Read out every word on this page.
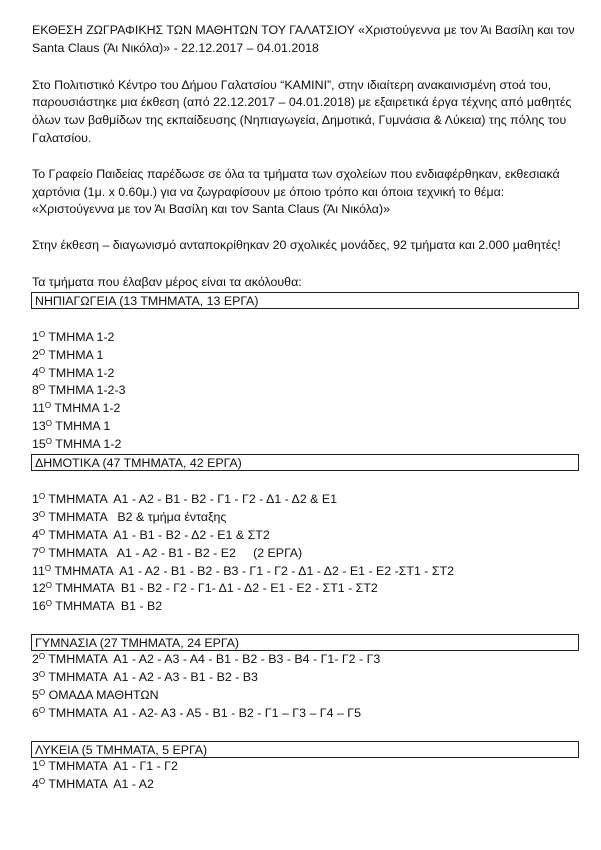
ΕΚΘΕΣΗ ΖΩΓΡΑΦΙΚΗΣ ΤΩΝ ΜΑΘΗΤΩΝ ΤΟΥ ΓΑΛΑΤΣΙΟΥ «Χριστούγεννα με τον Άι Βασίλη και τον Santa Claus (Άι Νικόλα)» - 22.12.2017 – 04.01.2018

Στο Πολιτιστικό Κέντρο του Δήμου Γαλατσίου “ΚΑΜΙΝΙ”, στην ιδιαίτερη ανακαινισμένη στοά του, παρουσιάστηκε μια έκθεση (από 22.12.2017 – 04.01.2018) με εξαιρετικά έργα τέχνης από μαθητές όλων των βαθμίδων της εκπαίδευσης (Νηπιαγωγεία, Δημοτικά, Γυμνάσια & Λύκεια) της πόλης του Γαλατσίου.

Το Γραφείο Παιδείας παρέδωσε σε όλα τα τμήματα των σχολείων που ενδιαφέρθηκαν, εκθεσιακά χαρτόνια (1μ. x 0.60μ.) για να ζωγραφίσουν με όποιο τρόπο και όποια τεχνική το θέμα: «Χριστούγεννα με τον Άι Βασίλη και τον Santa Claus (Άι Νικόλα)»

Στην έκθεση – διαγωνισμό ανταποκρίθηκαν 20 σχολικές μονάδες, 92 τμήματα και 2.000 μαθητές!

Τα τμήματα που έλαβαν μέρος είναι τα ακόλουθα:

ΝΗΠΙΑΓΩΓΕΙΑ (13 ΤΜΗΜΑΤΑ, 13 ΕΡΓΑ)
$1^O$ ΤΜΗΜΑ 1-2
$2^O$ ΤΜΗΜΑ 1
$4^O$ ΤΜΗΜΑ 1-2
$8^O$ ΤΜΗΜΑ 1-2-3
$11^O$ ΤΜΗΜΑ 1-2
$13^O$ ΤΜΗΜΑ 1
$15^O$ ΤΜΗΜΑ 1-2
ΔΗΜΟΤΙΚΑ (47 ΤΜΗΜΑΤΑ, 42 ΕΡΓΑ)
$1^O$ ΤΜΗΜΑΤΑ  Α1 - Α2 - Β1 - Β2 - Γ1 - Γ2 - Δ1 - Δ2 & Ε1
$3^O$ ΤΜΗΜΑΤΑ   Β2 & τμήμα ένταξης
$4^O$ ΤΜΗΜΑΤΑ  Α1 - Β1 - Β2 - Δ2 - Ε1 & ΣΤ2
$7^O$ ΤΜΗΜΑΤΑ   Α1 - Α2 - Β1 - Β2 - Ε2     (2 ΕΡΓΑ)
$11^O$ ΤΜΗΜΑΤΑ  Α1 - Α2 - Β1 - Β2 - Β3 - Γ1 - Γ2 - Δ1 - Δ2 - Ε1 - Ε2 -ΣΤ1 - ΣΤ2
$12^O$ ΤΜΗΜΑΤΑ  Β1 - Β2 - Γ2 - Γ1- Δ1 - Δ2 - Ε1 - Ε2 - ΣΤ1 - ΣΤ2
$16^O$ ΤΜΗΜΑΤΑ  Β1 - Β2
ΓΥΜΝΑΣΙΑ (27 ΤΜΗΜΑΤΑ, 24 ΕΡΓΑ)
$2^O$ ΤΜΗΜΑΤΑ  Α1 - Α2 - Α3 - Α4 - Β1 - Β2 - Β3 - Β4 - Γ1- Γ2 - Γ3
$3^O$ ΤΜΗΜΑΤΑ  Α1 - Α2 - Α3 - Β1 - Β2 - Β3
$5^O$ ΟΜΑΔΑ ΜΑΘΗΤΩΝ
$6^O$ ΤΜΗΜΑΤΑ  Α1 - Α2- Α3 - Α5 - Β1 - Β2 - Γ1 – Γ3 – Γ4 – Γ5
ΛΥΚΕΙΑ (5 ΤΜΗΜΑΤΑ, 5 ΕΡΓΑ)
$1^O$ ΤΜΗΜΑΤΑ  Α1 - Γ1 - Γ2
$4^O$ ΤΜΗΜΑΤΑ  Α1 - Α2
